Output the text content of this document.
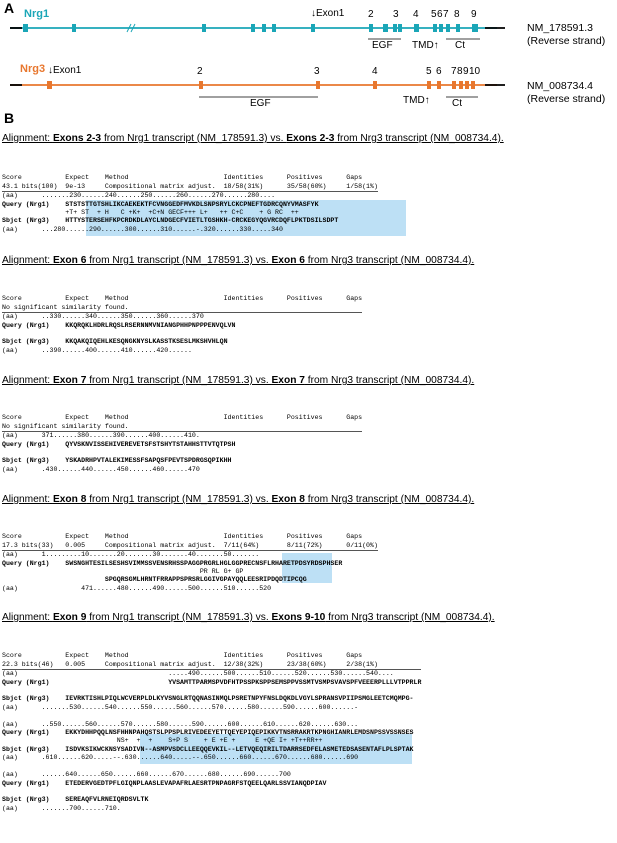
A Nrg1	↓Exon1 2 3 4 5 6 7 8 9
EGF TMD↑ Ct
NM_178591.3
(Reverse strand)
Nrg3 ↓Exon1	2	3	4	5 6 7 8 9 10
EGF	TMD↑ Ct
NM_008734.4
(Reverse strand)
B
Alignment: Exons 2-3 from Nrg1 transcript (NM_178591.3) vs. Exons 2-3 from Nrg3 transcript (NM_008734.4).

Score           Expect    Method                        Identities      Positives      Gaps
43.1 bits(100)  9e-13     Compositional matrix adjust.  18/58(31%)      35/58(60%)     1/58(1%)
(aa)      .......230......240......250......260......270......280....
Query (Nrg1)    STSTSTTGTSHLIKCAEKEKTFCVNGGEDFMVKDLSNPSRYLCKCPNEFTGDRCQNYVMASFYK
+T+ ST  + H   C +K+  +C+N GECF+++ L+   ++ C+C    + G RC  ++
Sbjct (Nrg3)    HTTYSTERSEHFKPCRDKDLAYCLNDGECFVIETLTGSHKH-CRCKEGYQGVRCDQFLPKTDSILSDPT
(aa)      ...280......290......300......310......-.320......330.....340

Alignment: Exon 6 from Nrg1 transcript (NM_178591.3) vs. Exon 6 from Nrg3 transcript (NM_008734.4).

Score           Expect    Method                        Identities      Positives      Gaps
No significant similarity found.
(aa)      ..330......340......350......360......370
Query (Nrg1)    KKQRQKLHDRLRQSLRSERNNMVNIANGPHHPNPPPENVQLVN
Sbjct (Nrg3)    KKQAKQIQEHLKESQNGKNYSLKASSTKSESLMKSHVHLQN
(aa)      ..390......400......410......420......

Alignment: Exon 7 from Nrg1 transcript (NM_178591.3) vs. Exon 7 from Nrg3 transcript (NM_008734.4).

Score           Expect    Method                        Identities      Positives      Gaps
No significant similarity found.
(aa)      371......380......390......400......410.
Query (Nrg1)    QYVSKNVISSEHIVEREVETSFSTSHYTSTAHHSTTVTQTPSH
Sbjct (Nrg3)    YSKADRHPVTALEKIMESSFSAPQSFPEVTSPDRGSQPIKHH
(aa)      .430......440......450......460......470

Alignment: Exon 8 from Nrg1 transcript (NM_178591.3) vs. Exon 8 from Nrg3 transcript (NM_008734.4).

Score           Expect    Method                        Identities      Positives      Gaps
17.3 bits(33)   0.005     Compositional matrix adjust.  7/11(64%)       8/11(72%)      0/11(0%)
(aa)      1.........10.......20.......30.......40.......50.......
Query (Nrg1)    SWSNGHTESILSESHSVIMMSSVENSRHSSPAGGPRGRLHGLGGPRECNSFLRHARETPDSYRDSPHSER
PR RL G+ GP
SPGQRSGMLHRNTFRRAPPSPRSRLGGIVGPAYQQLEESRIPDQDTIPCQG
(aa)                471......480......490......500......510......520

Alignment: Exon 9 from Nrg1 transcript (NM_178591.3) vs. Exons 9-10 from Nrg3 transcript (NM_008734.4).

Score           Expect    Method                        Identities      Positives      Gaps
22.3 bits(46)   0.005     Compositional matrix adjust.  12/38(32%)      23/38(60%)     2/38(1%)
(aa)                                      .....490......500......510......520......530......540....
Query (Nrg1)                              YVSAMTTPARMSPVDFHTPSSPKSPPSEMSPPVSSMTVSMPSVAVSPFVEEERPLLLVTPPRLR
Sbjct (Nrg3)    IEVRKTISHLPIQLWCVERPLDLKYVSNGLRTQQNASINMQLPSRETNPYFNSLDQKDLVGYLSPRANSVPIIPSMGLEETCMQMPG-
(aa)      .......530......540......550......560......570......580......590......600......-
(aa)      ..550......560......570......580......590......600......610......620......630...
Query (Nrg1)    EKKYDHHPQQLNSFHHNPAHQSTSLPPSPLRIVEDEEYETTQEYEPIQEPIKKVTNSRRAKRTKPNGHIANRLEMDSNPSSVSSNSES
NS+  +  +    S+P S    + E +E +     E +QE I+ +T++RR++
Sbjct (Nrg3)    ISDVKSIKWCKNSYSADIVN--ASMPVSDCLLEEQQEVKIL--LETVQEQIRILTDARRSEDFELASMETEDSASENTAFLPLSPTAK
(aa)      .610......620.....--.630......640.....--.650......660......670......680......690
(aa)      ......640......650......660......670......680......690......700
Query (Nrg1)    ETEDERVGEDTPFLGIQNPLAASLEVAPAFRLAESRTPNPAGRFSTQEELQARLSSVIANQDPIAV
Sbjct (Nrg3)    SEREAQFVLRNEIQRDSVLTK
(aa)      .......700......710.
